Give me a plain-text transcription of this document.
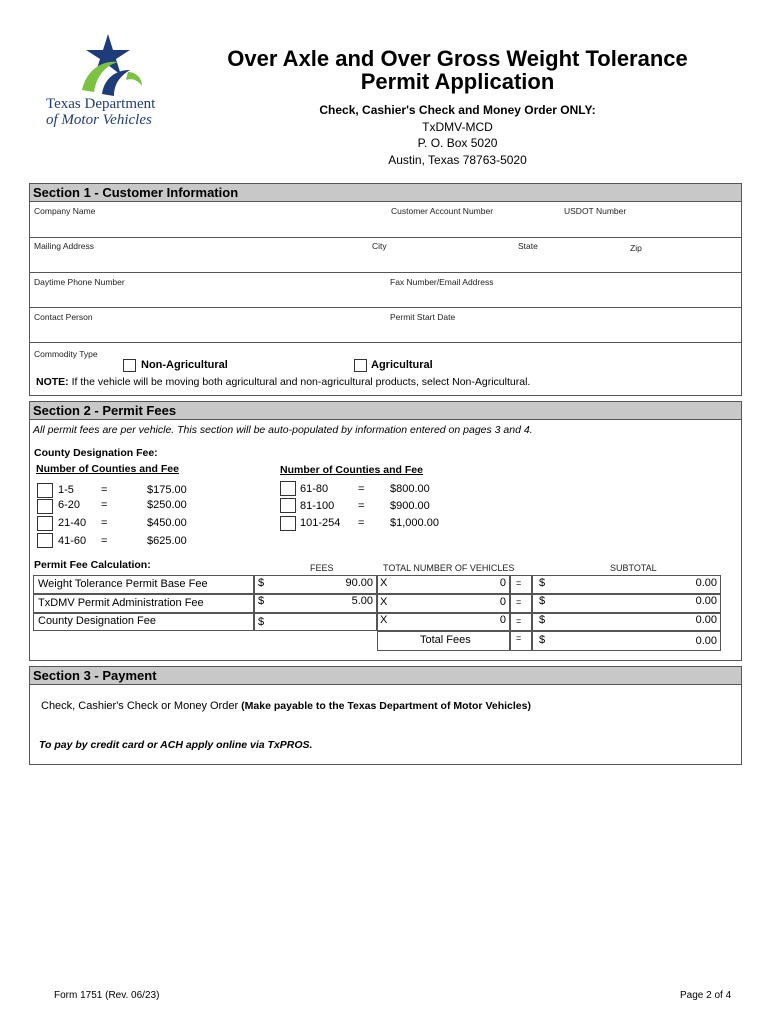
Texas Department
of Motor Vehicles
Over Axle and Over Gross Weight Tolerance
Permit Application
Check, Cashier's Check and Money Order ONLY:
TxDMV-MCD
P. O. Box 5020
Austin, Texas 78763-5020
Section 1 - Customer Information
Company Name	Customer Account Number	USDOT Number
Mailing Address	City	State	Zip
Daytime Phone Number	Fax Number/Email Address
Contact Person	Permit Start Date
Commodity Type
Non-Agricultural	Agricultural
NOTE: If the vehicle will be moving both agricultural and non-agricultural products, select Non-Agricultural.
Section 2 - Permit Fees
All permit fees are per vehicle. This section will be auto-populated by information entered on pages 3 and 4.
County Designation Fee:
Number of Counties and Fee	Number of Counties and Fee
1-5 =	$175.00
6-20 =	$250.00
21-40 =	$450.00
41-60 =	$625.00
61-80	= $800.00
81-100 = $900.00
101-254 = $1,000.00
Permit Fee Calculation:	FEES	TOTAL NUMBER OF VEHICLES	SUBTOTAL
Weight Tolerance Permit Base Fee	$	90.00 X	0 = $	0.00
TxDMV Permit Administration Fee	$	5.00 X	0 = $	0.00
County Designation Fee	$	X	0 = $	0.00
Total Fees	= $	0.00
Section 3 - Payment
Check, Cashier's Check or Money Order (Make payable to the Texas Department of Motor Vehicles)
To pay by credit card or ACH apply online via TxPROS.
Form 1751 (Rev. 06/23)	Page 2 of 4
